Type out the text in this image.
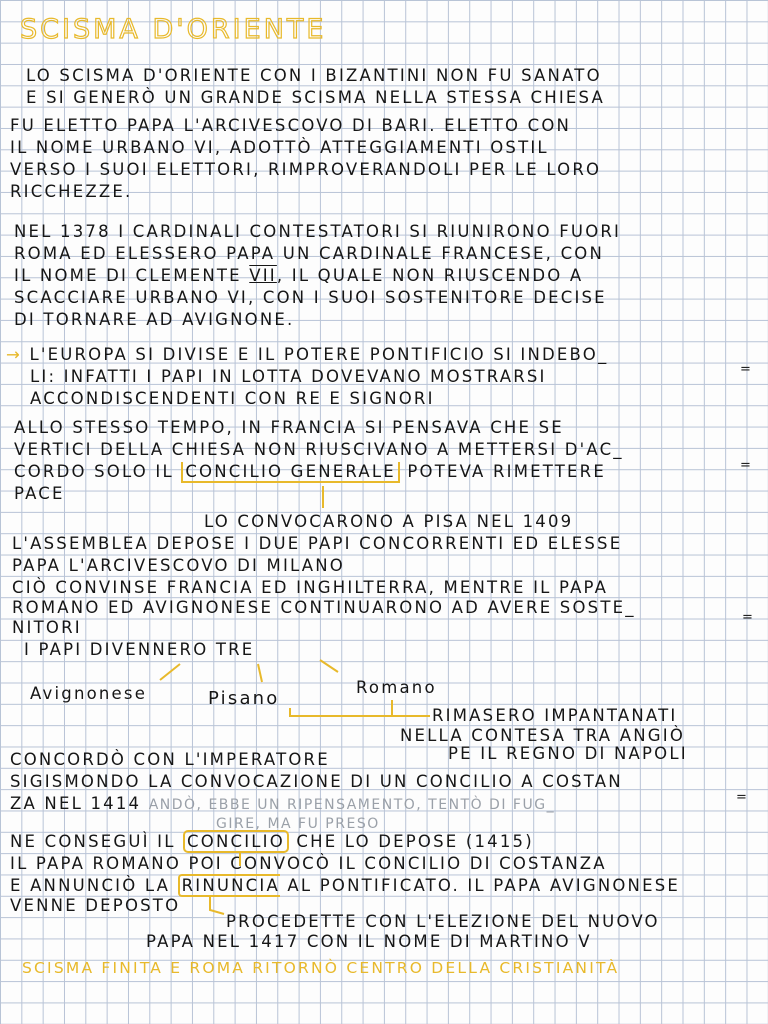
SCISMA D'ORIENTE
LO SCISMA D'ORIENTE CON I BIZANTINI NON FU SANATO
E SI GENERÒ UN GRANDE SCISMA NELLA STESSA CHIESA
FU ELETTO PAPA L'ARCIVESCOVO DI BARI. ELETTO CON
IL NOME URBANO VI, ADOTTÒ ATTEGGIAMENTI OSTIL
VERSO I SUOI ELETTORI, RIMPROVERANDOLI PER LE LORO
RICCHEZZE.
NEL 1378 I CARDINALI CONTESTATORI SI RIUNIRONO FUORI
ROMA ED ELESSERO PAPA UN CARDINALE FRANCESE, CON
IL NOME DI CLEMENTE VII, IL QUALE NON RIUSCENDO A
SCACCIARE URBANO VI, CON I SUOI SOSTENITORE DECISE
DI TORNARE AD AVIGNONE.
→ L'EUROPA SI DIVISE E IL POTERE PONTIFICIO SI INDEBO_
LI: INFATTI I PAPI IN LOTTA DOVEVANO MOSTRARSI
ACCONDISCENDENTI CON RE E SIGNORI
=
ALLO STESSO TEMPO, IN FRANCIA SI PENSAVA CHE SE
VERTICI DELLA CHIESA NON RIUSCIVANO A METTERSI D'AC_
CORDO SOLO IL CONCILIO GENERALE POTEVA RIMETTERE
PACE
=
LO CONVOCARONO A PISA NEL 1409
L'ASSEMBLEA DEPOSE I DUE PAPI CONCORRENTI ED ELESSE
PAPA L'ARCIVESCOVO DI MILANO
CIÒ CONVINSE FRANCIA ED INGHILTERRA, MENTRE IL PAPA
ROMANO ED AVIGNONESE CONTINUARONO AD AVERE SOSTE_
NITORI
=
I PAPI DIVENNERO TRE
Avignonese	Pisano
Romano
RIMASERO IMPANTANATI
NELLA CONTESA TRA ANGIÒ
PE IL REGNO DI NAPOLI
CONCORDÒ CON L'IMPERATORE
SIGISMONDO LA CONVOCAZIONE DI UN CONCILIO A COSTAN
ZA NEL 1414 ANDÒ, EBBE UN RIPENSAMENTO, TENTÒ DI FUG_
GIRE, MA FU PRESO
=
NE CONSEGUÌ IL CONCILIO CHE LO DEPOSE (1415)
IL PAPA ROMANO POI CONVOCÒ IL CONCILIO DI COSTANZA
E ANNUNCIÒ LA RINUNCIA AL PONTIFICATO. IL PAPA AVIGNONESE
VENNE DEPOSTO
PROCEDETTE CON L'ELEZIONE DEL NUOVO
PAPA NEL 1417 CON IL NOME DI MARTINO V
SCISMA FINITA E ROMA RITORNÒ CENTRO DELLA CRISTIANITÀ
